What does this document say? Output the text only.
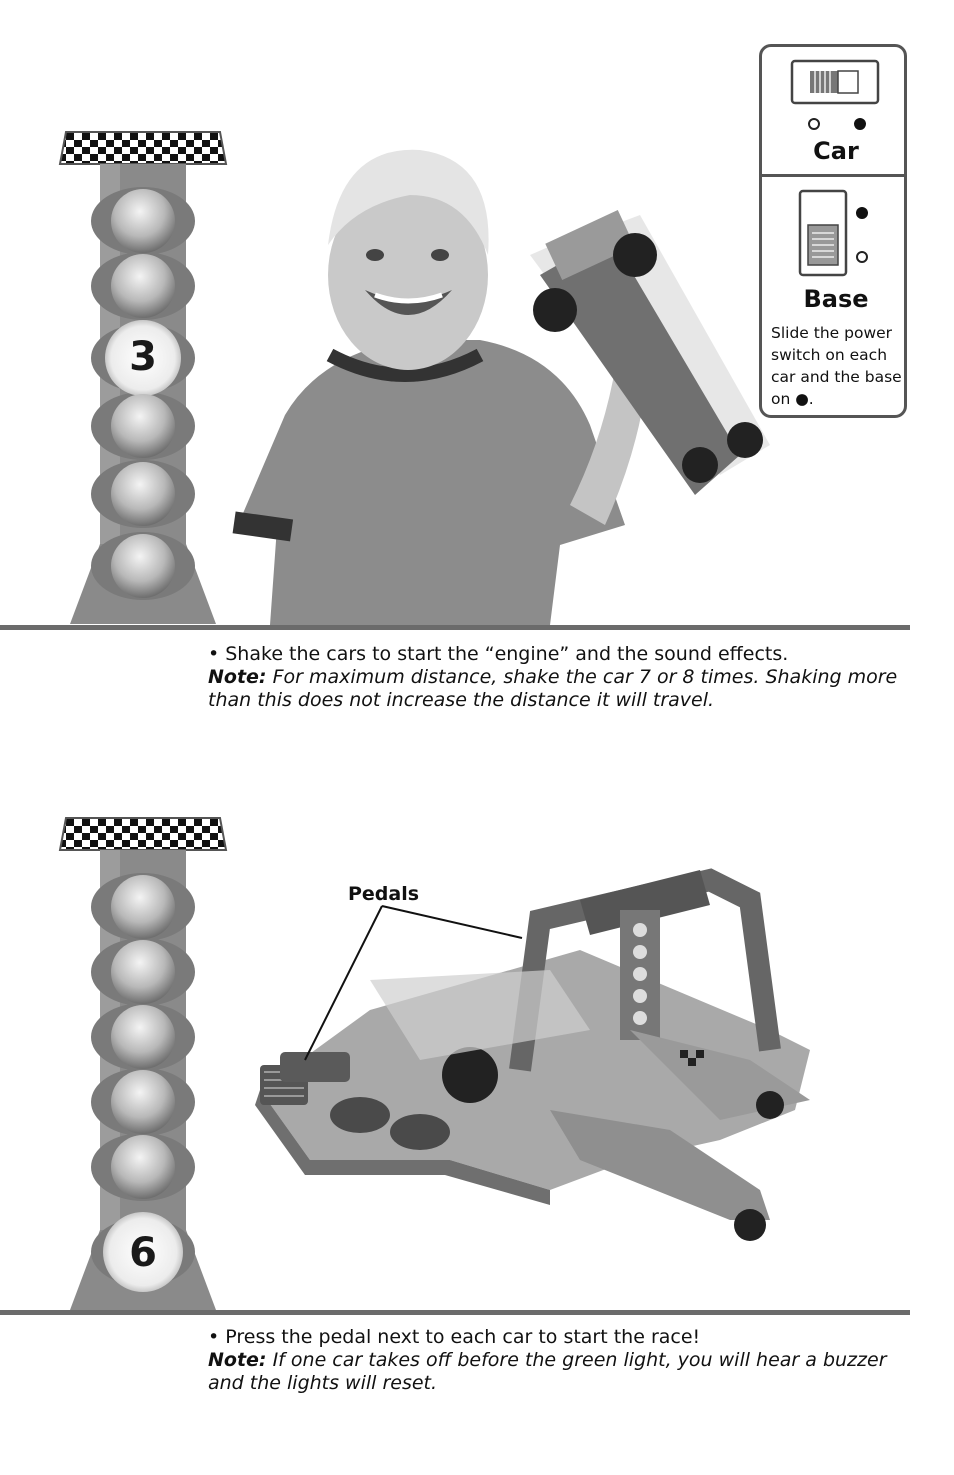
3
Car
Base
Slide the power switch on each car and the base on ●.
• Shake the cars to start the “engine” and the sound effects.
Note: For maximum distance, shake the car 7 or 8 times. Shaking more than this does not increase the distance it will travel.
6
Pedals
• Press the pedal next to each car to start the race!
Note: If one car takes off before the green light, you will hear a buzzer and the lights will reset.
